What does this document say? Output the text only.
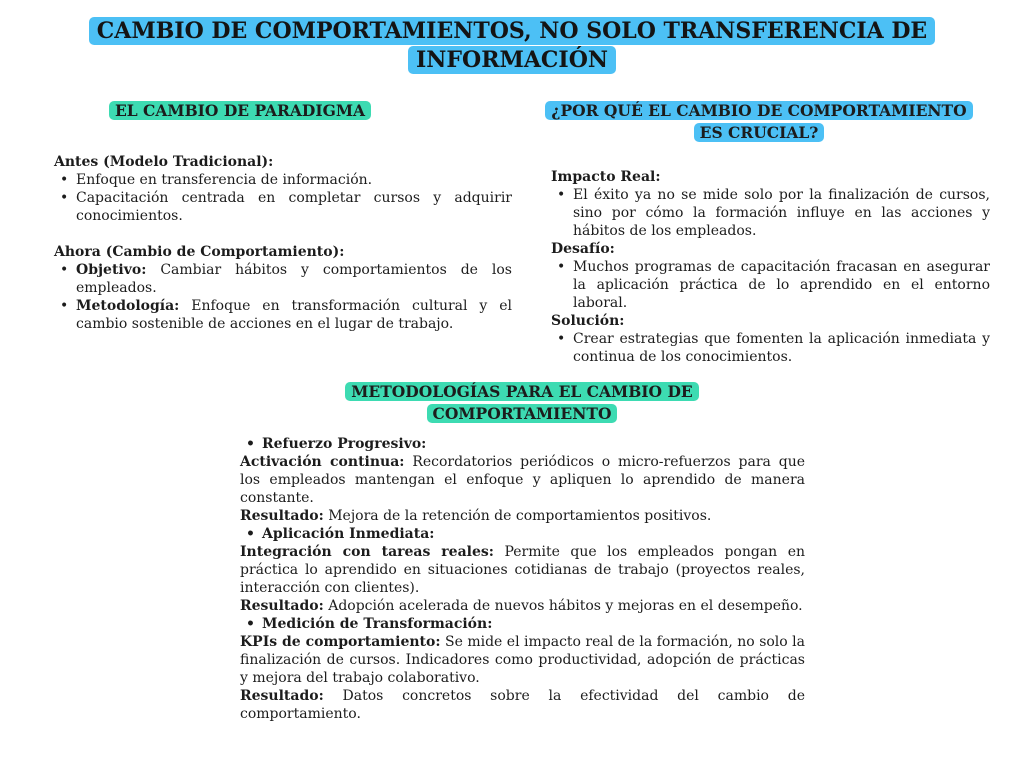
CAMBIO DE COMPORTAMIENTOS, NO SOLO TRANSFERENCIA DE INFORMACIÓN
EL CAMBIO DE PARADIGMA

Antes (Modelo Tradicional):

• Enfoque en transferencia de información.
• Capacitación centrada en completar cursos y adquirir conocimientos.

Ahora (Cambio de Comportamiento):

• Objetivo: Cambiar hábitos y comportamientos de los empleados.
• Metodología: Enfoque en transformación cultural y el cambio sostenible de acciones en el lugar de trabajo.
¿POR QUÉ EL CAMBIO DE COMPORTAMIENTO ES CRUCIAL?

Impacto Real:

• El éxito ya no se mide solo por la finalización de cursos, sino por cómo la formación influye en las acciones y hábitos de los empleados.

Desafío:

• Muchos programas de capacitación fracasan en asegurar la aplicación práctica de lo aprendido en el entorno laboral.

Solución:

• Crear estrategias que fomenten la aplicación inmediata y continua de los conocimientos.
METODOLOGÍAS PARA EL CAMBIO DE COMPORTAMIENTO
• Refuerzo Progresivo:

Activación continua: Recordatorios periódicos o micro-refuerzos para que los empleados mantengan el enfoque y apliquen lo aprendido de manera constante.

Resultado: Mejora de la retención de comportamientos positivos.

• Aplicación Inmediata:

Integración con tareas reales: Permite que los empleados pongan en práctica lo aprendido en situaciones cotidianas de trabajo (proyectos reales, interacción con clientes).

Resultado: Adopción acelerada de nuevos hábitos y mejoras en el desempeño.

• Medición de Transformación:

KPIs de comportamiento: Se mide el impacto real de la formación, no solo la finalización de cursos. Indicadores como productividad, adopción de prácticas y mejora del trabajo colaborativo.

Resultado: Datos concretos sobre la efectividad del cambio de comportamiento.
